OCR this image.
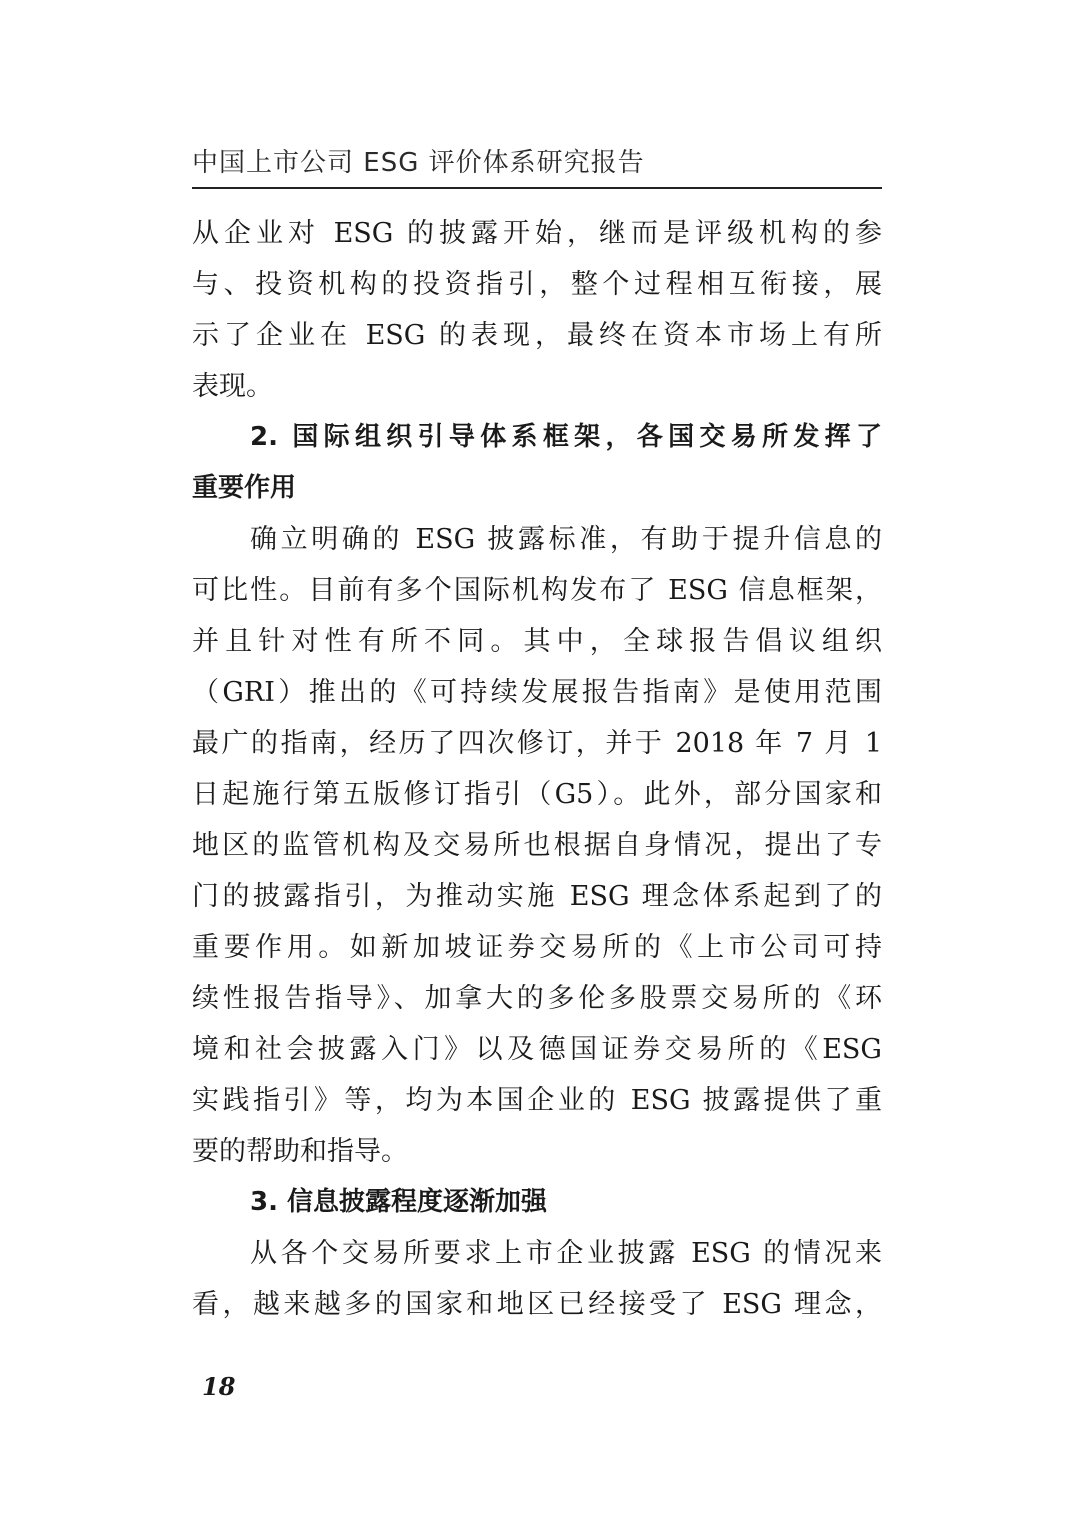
中国上市公司 ESG 评价体系研究报告

从企业对 ESG 的披露开始，继而是评级机构的参
与、投资机构的投资指引，整个过程相互衔接，展
示了企业在 ESG 的表现，最终在资本市场上有所
表现。

2. 国际组织引导体系框架，各国交易所发挥了
重要作用

确立明确的 ESG 披露标准，有助于提升信息的
可比性。目前有多个国际机构发布了 ESG 信息框架，
并且针对性有所不同。其中，全球报告倡议组织
（GRI）推出的《可持续发展报告指南》是使用范围
最广的指南，经历了四次修订，并于 2018 年 7 月 1
日起施行第五版修订指引（G5）。此外，部分国家和
地区的监管机构及交易所也根据自身情况，提出了专
门的披露指引，为推动实施 ESG 理念体系起到了的
重要作用。如新加坡证券交易所的《上市公司可持
续性报告指导》、加拿大的多伦多股票交易所的《环
境和社会披露入门》以及德国证券交易所的《ESG
实践指引》等，均为本国企业的 ESG 披露提供了重
要的帮助和指导。

3. 信息披露程度逐渐加强

从各个交易所要求上市企业披露 ESG 的情况来
看，越来越多的国家和地区已经接受了 ESG 理念，

18
